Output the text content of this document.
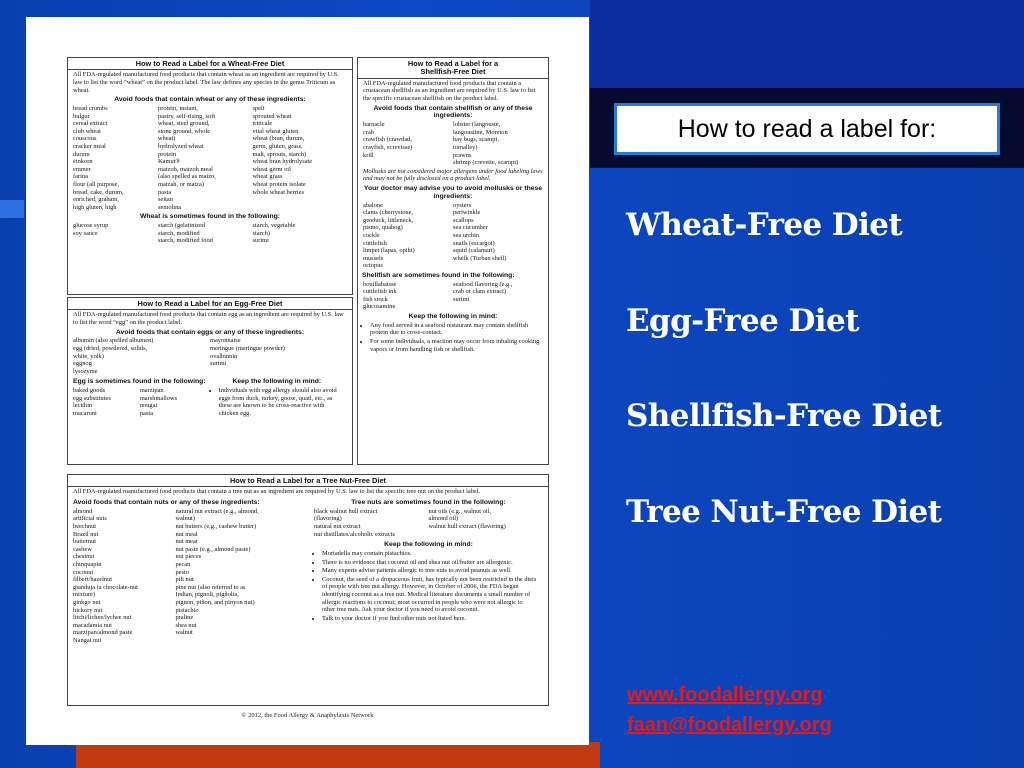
How to Read a Label for a Wheat-Free Diet

All FDA-regulated manufactured food products that contain wheat as an ingredient are required by U.S. law to list the word “wheat” on the product label. The law defines any species in the genus Triticum as wheat.

Avoid foods that contain wheat or any of these ingredients:
bread crumbs
bulgur
cereal extract
club wheat
couscous
cracker meal
durum
einkorn
emmer
farina
flour (all purpose,
bread, cake, durum,
enriched, graham,
high gluten, high
protein, instant,
pastry, self-rising, soft
wheat, steel ground,
stone ground, whole
wheat)
hydrolyzed wheat
protein
Kamut®
matzoh, matzoh meal
(also spelled as matzo,
matzah, or matza)
pasta
seitan
semolina
spelt
sprouted wheat
triticale
vital wheat gluten
wheat (bran, durum,
germ, gluten, grass,
malt, sprouts, starch)
wheat bran hydrolysate
wheat germ oil
wheat grass
wheat protein isolate
whole wheat berries
Wheat is sometimes found in the following:
glucose syrup
soy sauce
starch (gelatinized
starch, modified
starch, modified food
starch, vegetable
starch)
surimi
How to Read a Label for an Egg-Free Diet

All FDA-regulated manufactured food products that contain egg as an ingredient are required by U.S. law to list the word “egg” on the product label.

Avoid foods that contain eggs or any of these ingredients:
albumin (also spelled albumen)
egg (dried, powdered, solids,
white, yolk)
eggnog
lysozyme
mayonnaise
meringue (meringue powder)
ovalbumin
surimi
Egg is sometimes found in the following:
baked goods
egg substitutes
lecithin
macaroni
marzipan
marshmallows
nougat
pasta
Keep the following in mind:
• Individuals with egg allergy should also avoid eggs from duck, turkey, goose, quail, etc., as these are known to be cross-reactive with chicken egg.
How to Read a Label for a
Shellfish-Free Diet

All FDA-regulated manufactured food products that contain a crustacean shellfish as an ingredient are required by U.S. law to list the specific crustacean shellfish on the product label.

Avoid foods that contain shellfish or any of these ingredients:
barnacle
crab
crawfish (crawdad,
crayfish, ecrevisse)
krill
lobster (langouste,
langoustine, Moreton
bay bugs, scampi,
tomalley)
prawns
shrimp (crevette, scampi)

Mollusks are not considered major allergens under food labeling laws and may not be fully disclosed on a product label.

Your doctor may advise you to avoid mollusks or these ingredients:
abalone
clams (cherrystone,
geoduck, littleneck,
pismo, quahog)
cockle
cuttlefish
limpet (lapas, opihi)
mussels
octopus
oysters
periwinkle
scallops
sea cucumber
sea urchin
snails (escargot)
squid (calamari)
whelk (Turban shell)
Shellfish are sometimes found in the following:
bouillabaisse
cuttlefish ink
fish stock
glucosamine
seafood flavoring (e.g.,
crab or clam extract)
surimi
Keep the following in mind:
• Any food served in a seafood restaurant may contain shellfish protein due to cross-contact.
• For some individuals, a reaction may occur from inhaling cooking vapors or from handling fish or shellfish.
How to Read a Label for a Tree Nut-Free Diet

All FDA-regulated manufactured food products that contain a tree nut as an ingredient are required by U.S. law to list the specific tree nut on the product label.

Avoid foods that contain nuts or any of these ingredients:
almond
artificial nuts
beechnut
Brazil nut
butternut
cashew
chestnut
chinquapin
coconut
filbert/hazelnut
gianduja (a chocolate-nut
mixture)
ginkgo nut
hickory nut
litchi/lichee/lychee nut
macadamia nut
marzipan/almond paste
Nangai nut
natural nut extract (e.g., almond,
walnut)
nut butters (e.g., cashew butter)
nut meal
nut meat
nut paste (e.g., almond paste)
nut pieces
pecan
pesto
pili nut
pine nut (also referred to as
Indian, pignoli, pigñolia,
pignon, piñon, and pinyon nut)
pistachio
praline
shea nut
walnut
Tree nuts are sometimes found in the following:
black walnut hull extract
(flavoring)
natural nut extract
nut distillates/alcoholic extracts
nut oils (e.g., walnut oil,
almond oil)
walnut hull extract (flavoring)
Keep the following in mind:
• Mortadella may contain pistachios.
• There is no evidence that coconut oil and shea nut oil/butter are allergenic.
• Many experts advise patients allergic to tree nuts to avoid peanuts as well.
• Coconut, the seed of a drupaceous fruit, has typically not been restricted in the diets of people with tree nut allergy. However, in October of 2006, the FDA began identifying coconut as a tree nut. Medical literature documents a small number of allergic reactions to coconut; most occurred in people who were not allergic to other tree nuts. Ask your doctor if you need to avoid coconut.
• Talk to your doctor if you find other nuts not listed here.
© 2012, the Food Allergy & Anaphylaxis Network
How to read a label for:
Wheat-Free Diet
Egg-Free Diet
Shellfish-Free Diet
Tree Nut-Free Diet
www.foodallergy.org
faan@foodallergy.org
